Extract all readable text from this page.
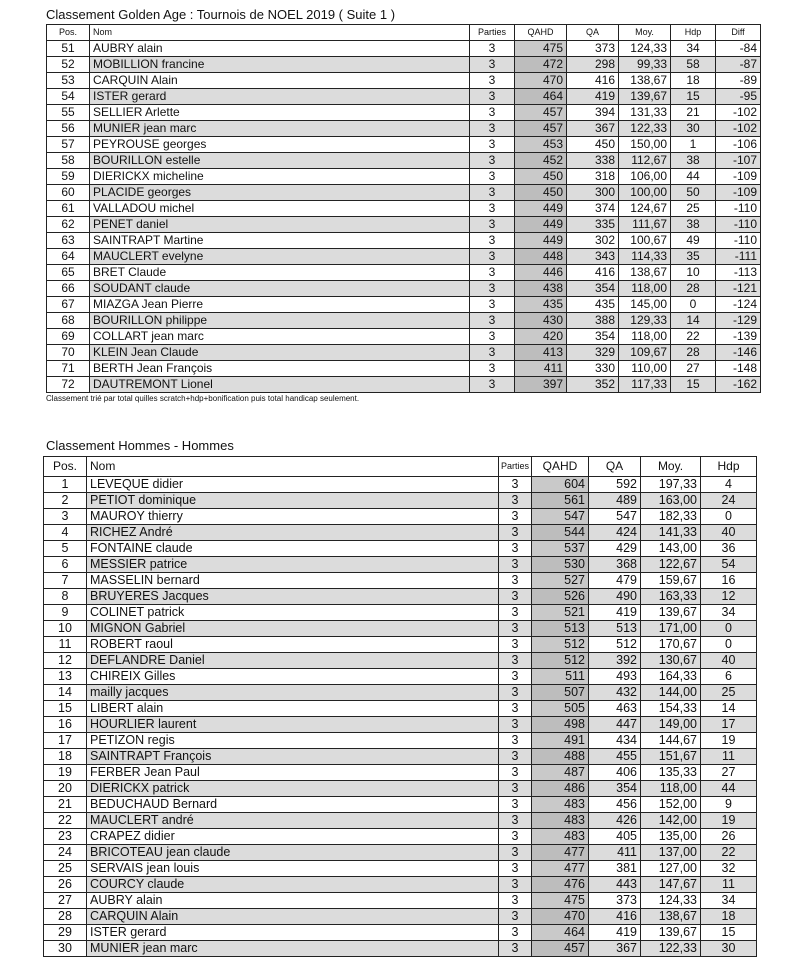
Classement Golden Age : Tournois de NOEL 2019 ( Suite 1 )
Pos.	Nom	Parties	QAHD	QA	Moy.	Hdp	Diff
51	AUBRY alain	3	475	373	124,33	34	-84
52	MOBILLION francine	3	472	298	99,33	58	-87
53	CARQUIN Alain	3	470	416	138,67	18	-89
54	ISTER gerard	3	464	419	139,67	15	-95
55	SELLIER Arlette	3	457	394	131,33	21	-102
56	MUNIER jean marc	3	457	367	122,33	30	-102
57	PEYROUSE georges	3	453	450	150,00	1	-106
58	BOURILLON estelle	3	452	338	112,67	38	-107
59	DIERICKX micheline	3	450	318	106,00	44	-109
60	PLACIDE georges	3	450	300	100,00	50	-109
61	VALLADOU michel	3	449	374	124,67	25	-110
62	PENET daniel	3	449	335	111,67	38	-110
63	SAINTRAPT Martine	3	449	302	100,67	49	-110
64	MAUCLERT evelyne	3	448	343	114,33	35	-111
65	BRET Claude	3	446	416	138,67	10	-113
66	SOUDANT claude	3	438	354	118,00	28	-121
67	MIAZGA Jean Pierre	3	435	435	145,00	0	-124
68	BOURILLON philippe	3	430	388	129,33	14	-129
69	COLLART jean marc	3	420	354	118,00	22	-139
70	KLEIN Jean Claude	3	413	329	109,67	28	-146
71	BERTH Jean François	3	411	330	110,00	27	-148
72	DAUTREMONT Lionel	3	397	352	117,33	15	-162
Classement trié par total quilles scratch+hdp+bonification puis total handicap seulement.
Classement Hommes - Hommes
Pos.	Nom	Parties	QAHD	QA	Moy.	Hdp
1	LEVEQUE didier	3	604	592	197,33	4
2	PETIOT dominique	3	561	489	163,00	24
3	MAUROY thierry	3	547	547	182,33	0
4	RICHEZ André	3	544	424	141,33	40
5	FONTAINE claude	3	537	429	143,00	36
6	MESSIER patrice	3	530	368	122,67	54
7	MASSELIN bernard	3	527	479	159,67	16
8	BRUYERES Jacques	3	526	490	163,33	12
9	COLINET patrick	3	521	419	139,67	34
10	MIGNON Gabriel	3	513	513	171,00	0
11	ROBERT raoul	3	512	512	170,67	0
12	DEFLANDRE Daniel	3	512	392	130,67	40
13	CHIREIX Gilles	3	511	493	164,33	6
14	mailly jacques	3	507	432	144,00	25
15	LIBERT alain	3	505	463	154,33	14
16	HOURLIER laurent	3	498	447	149,00	17
17	PETIZON regis	3	491	434	144,67	19
18	SAINTRAPT François	3	488	455	151,67	11
19	FERBER Jean Paul	3	487	406	135,33	27
20	DIERICKX patrick	3	486	354	118,00	44
21	BEDUCHAUD Bernard	3	483	456	152,00	9
22	MAUCLERT andré	3	483	426	142,00	19
23	CRAPEZ didier	3	483	405	135,00	26
24	BRICOTEAU jean claude	3	477	411	137,00	22
25	SERVAIS jean louis	3	477	381	127,00	32
26	COURCY claude	3	476	443	147,67	11
27	AUBRY alain	3	475	373	124,33	34
28	CARQUIN Alain	3	470	416	138,67	18
29	ISTER gerard	3	464	419	139,67	15
30	MUNIER jean marc	3	457	367	122,33	30
